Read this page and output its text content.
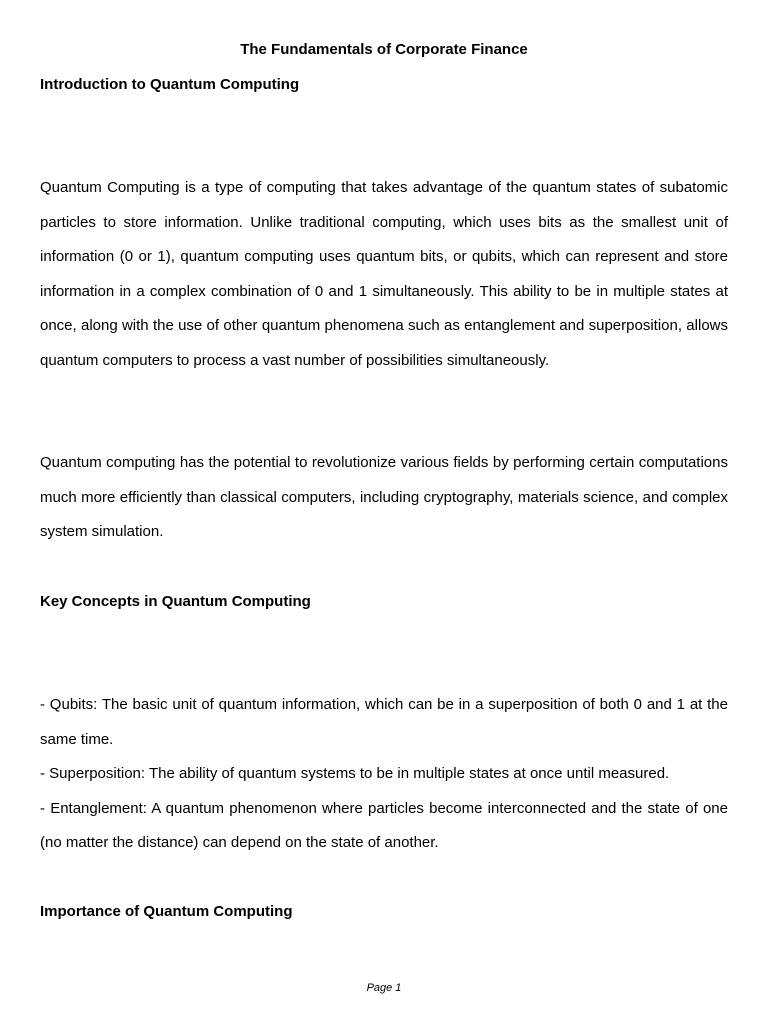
The Fundamentals of Corporate Finance
Introduction to Quantum Computing

Quantum Computing is a type of computing that takes advantage of the quantum states of subatomic particles to store information. Unlike traditional computing, which uses bits as the smallest unit of information (0 or 1), quantum computing uses quantum bits, or qubits, which can represent and store information in a complex combination of 0 and 1 simultaneously. This ability to be in multiple states at once, along with the use of other quantum phenomena such as entanglement and superposition, allows quantum computers to process a vast number of possibilities simultaneously.

Quantum computing has the potential to revolutionize various fields by performing certain computations much more efficiently than classical computers, including cryptography, materials science, and complex system simulation.

Key Concepts in Quantum Computing
- Qubits: The basic unit of quantum information, which can be in a superposition of both 0 and 1 at the same time.
- Superposition: The ability of quantum systems to be in multiple states at once until measured.
- Entanglement: A quantum phenomenon where particles become interconnected and the state of one (no matter the distance) can depend on the state of another.
Importance of Quantum Computing
Page 1
